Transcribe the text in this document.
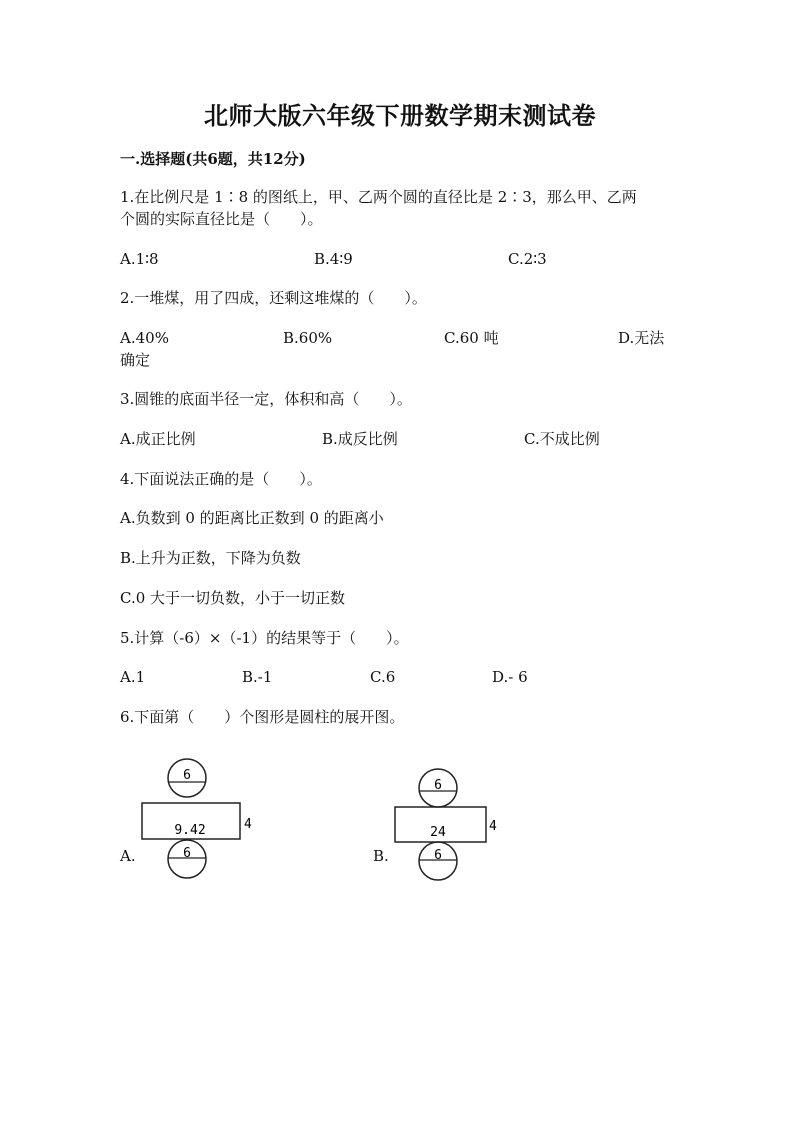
北师大版六年级下册数学期末测试卷
一.选择题(共6题，共12分)
1.在比例尺是 1∶8 的图纸上，甲、乙两个圆的直径比是 2∶3，那么甲、乙两
个圆的实际直径比是（　　）。
A.1∶8	B.4∶9	C.2∶3
2.一堆煤，用了四成，还剩这堆煤的（　　）。
A.40%	B.60%	C.60 吨	D.无法
确定
3.圆锥的底面半径一定，体积和高（　　）。
A.成正比例	B.成反比例	C.不成比例
4.下面说法正确的是（　　）。
A.负数到 0 的距离比正数到 0 的距离小
B.上升为正数，下降为负数
C.0 大于一切负数，小于一切正数
5.计算（-6）×（-1）的结果等于（　　）。
A.1	B.-1	C.6	D.- 6
6.下面第（　　）个图形是圆柱的展开图。
A.
6
9.42	4
6	B.
6
24	4
6
